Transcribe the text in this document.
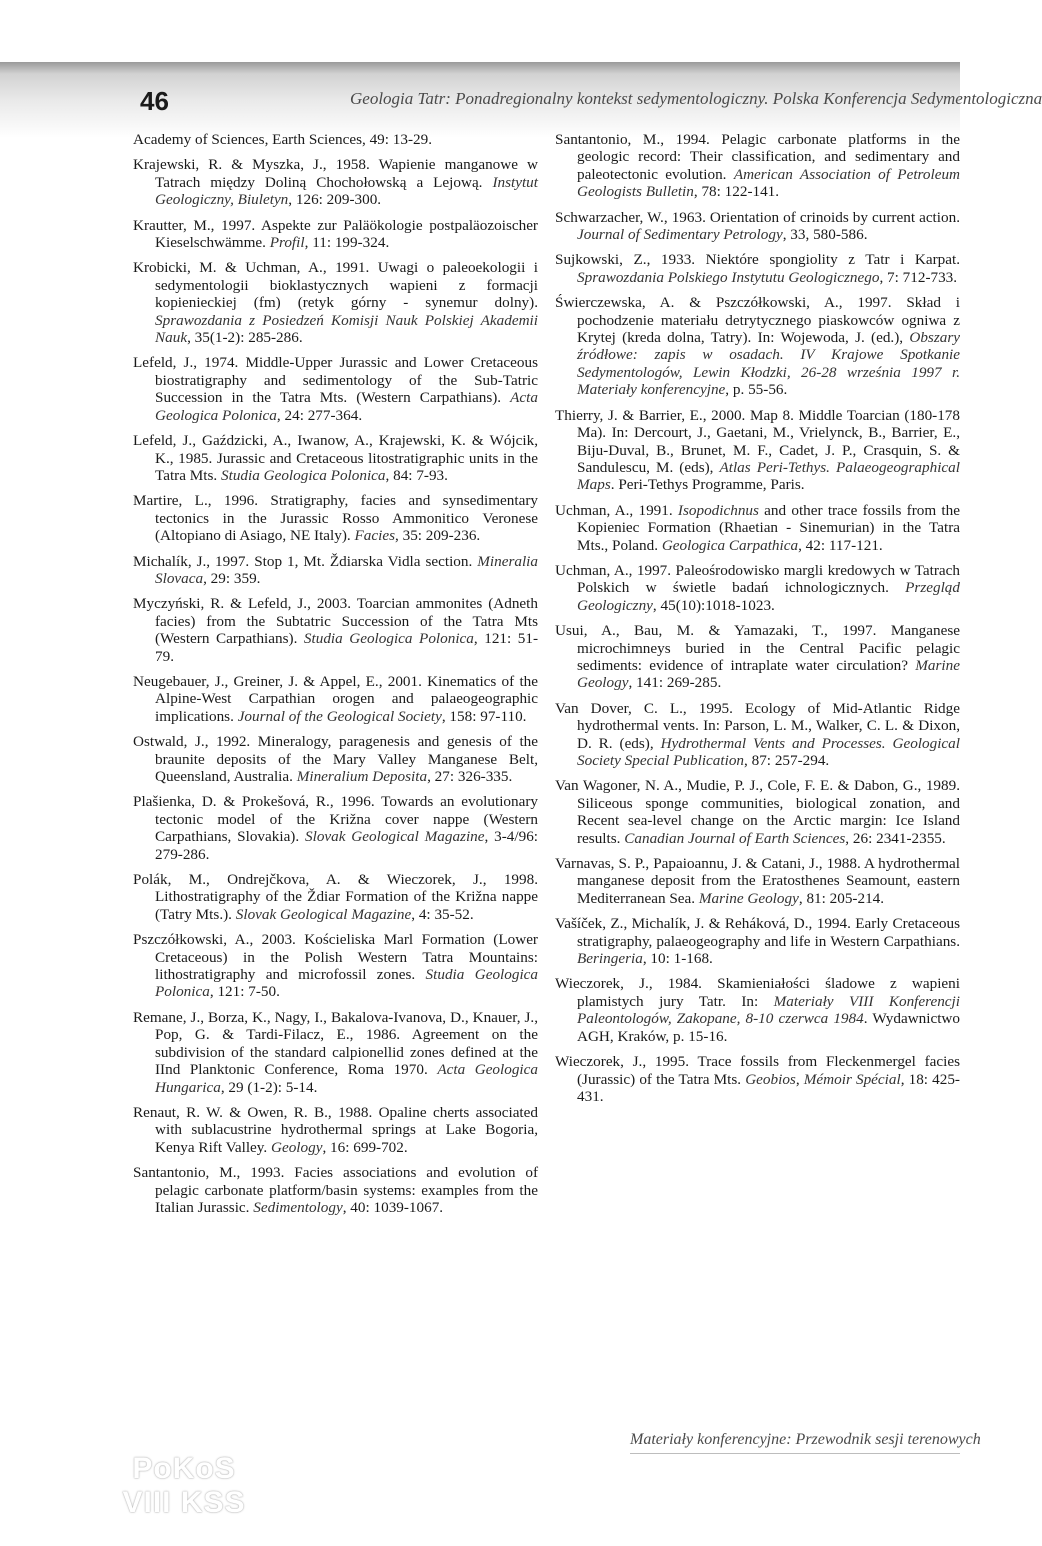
46	Geologia Tatr: Ponadregionalny kontekst sedymentologiczny. Polska Konferencja Sedymentologiczna

Academy of Sciences, Earth Sciences, 49: 13-29.

Krajewski, R. & Myszka, J., 1958. Wapienie manganowe w Tatrach między Doliną Chochołowską a Lejową. Instytut Geologiczny, Biuletyn, 126: 209-300.

Krautter, M., 1997. Aspekte zur Paläökologie postpaläozoischer Kieselschwämme. Profil, 11: 199-324.

Krobicki, M. & Uchman, A., 1991. Uwagi o paleoekologii i sedymentologii bioklastycznych wapieni z formacji kopienieckiej (fm) (retyk górny - synemur dolny). Sprawozdania z Posiedzeń Komisji Nauk Polskiej Akademii Nauk, 35(1-2): 285-286.

Lefeld, J., 1974. Middle-Upper Jurassic and Lower Cretaceous biostratigraphy and sedimentology of the Sub-Tatric Succession in the Tatra Mts. (Western Carpathians). Acta Geologica Polonica, 24: 277-364.

Lefeld, J., Gaździcki, A., Iwanow, A., Krajewski, K. & Wójcik, K., 1985. Jurassic and Cretaceous litostratigraphic units in the Tatra Mts. Studia Geologica Polonica, 84: 7-93.

Martire, L., 1996. Stratigraphy, facies and synsedimentary tectonics in the Jurassic Rosso Ammonitico Veronese (Altopiano di Asiago, NE Italy). Facies, 35: 209-236.

Michalík, J., 1997. Stop 1, Mt. Ždiarska Vidla section. Mineralia Slovaca, 29: 359.

Myczyński, R. & Lefeld, J., 2003. Toarcian ammonites (Adneth facies) from the Subtatric Succession of the Tatra Mts (Western Carpathians). Studia Geologica Polonica, 121: 51-79.

Neugebauer, J., Greiner, J. & Appel, E., 2001. Kinematics of the Alpine-West Carpathian orogen and palaeogeographic implications. Journal of the Geological Society, 158: 97-110.

Ostwald, J., 1992. Mineralogy, paragenesis and genesis of the braunite deposits of the Mary Valley Manganese Belt, Queensland, Australia. Mineralium Deposita, 27: 326-335.

Plašienka, D. & Prokešová, R., 1996. Towards an evolutionary tectonic model of the Križna cover nappe (Western Carpathians, Slovakia). Slovak Geological Magazine, 3-4/96: 279-286.

Polák, M., Ondrejčkova, A. & Wieczorek, J., 1998. Lithostratigraphy of the Ždiar Formation of the Križna nappe (Tatry Mts.). Slovak Geological Magazine, 4: 35-52.

Pszczółkowski, A., 2003. Kościeliska Marl Formation (Lower Cretaceous) in the Polish Western Tatra Mountains: lithostratigraphy and microfossil zones. Studia Geologica Polonica, 121: 7-50.

Remane, J., Borza, K., Nagy, I., Bakalova-Ivanova, D., Knauer, J., Pop, G. & Tardi-Filacz, E., 1986. Agreement on the subdivision of the standard calpionellid zones defined at the IInd Planktonic Conference, Roma 1970. Acta Geologica Hungarica, 29 (1-2): 5-14.

Renaut, R. W. & Owen, R. B., 1988. Opaline cherts associated with sublacustrine hydrothermal springs at Lake Bogoria, Kenya Rift Valley. Geology, 16: 699-702.

Santantonio, M., 1993. Facies associations and evolution of pelagic carbonate platform/basin systems: examples from the Italian Jurassic. Sedimentology, 40: 1039-1067.

Santantonio, M., 1994. Pelagic carbonate platforms in the geologic record: Their classification, and sedimentary and paleotectonic evolution. American Association of Petroleum Geologists Bulletin, 78: 122-141.

Schwarzacher, W., 1963. Orientation of crinoids by current action. Journal of Sedimentary Petrology, 33, 580-586.

Sujkowski, Z., 1933. Niektóre spongiolity z Tatr i Karpat. Sprawozdania Polskiego Instytutu Geologicznego, 7: 712-733.

Świerczewska, A. & Pszczółkowski, A., 1997. Skład i pochodzenie materiału detrytycznego piaskowców ogniwa z Krytej (kreda dolna, Tatry). In: Wojewoda, J. (ed.), Obszary źródłowe: zapis w osadach. IV Krajowe Spotkanie Sedymentologów, Lewin Kłodzki, 26-28 września 1997 r. Materiały konferencyjne, p. 55-56.

Thierry, J. & Barrier, E., 2000. Map 8. Middle Toarcian (180-178 Ma). In: Dercourt, J., Gaetani, M., Vrielynck, B., Barrier, E., Biju-Duval, B., Brunet, M. F., Cadet, J. P., Crasquin, S. & Sandulescu, M. (eds), Atlas Peri-Tethys. Palaeogeographical Maps. Peri-Tethys Programme, Paris.

Uchman, A., 1991. Isopodichnus and other trace fossils from the Kopieniec Formation (Rhaetian - Sinemurian) in the Tatra Mts., Poland. Geologica Carpathica, 42: 117-121.

Uchman, A., 1997. Paleośrodowisko margli kredowych w Tatrach Polskich w świetle badań ichnologicznych. Przegląd Geologiczny, 45(10):1018-1023.

Usui, A., Bau, M. & Yamazaki, T., 1997. Manganese microchimneys buried in the Central Pacific pelagic sediments: evidence of intraplate water circulation? Marine Geology, 141: 269-285.

Van Dover, C. L., 1995. Ecology of Mid-Atlantic Ridge hydrothermal vents. In: Parson, L. M., Walker, C. L. & Dixon, D. R. (eds), Hydrothermal Vents and Processes. Geological Society Special Publication, 87: 257-294.

Van Wagoner, N. A., Mudie, P. J., Cole, F. E. & Dabon, G., 1989. Siliceous sponge communities, biological zonation, and Recent sea-level change on the Arctic margin: Ice Island results. Canadian Journal of Earth Sciences, 26: 2341-2355.

Varnavas, S. P., Papaioannu, J. & Catani, J., 1988. A hydrothermal manganese deposit from the Eratosthenes Seamount, eastern Mediterranean Sea. Marine Geology, 81: 205-214.

Vašíček, Z., Michalík, J. & Reháková, D., 1994. Early Cretaceous stratigraphy, palaeogeography and life in Western Carpathians. Beringeria, 10: 1-168.

Wieczorek, J., 1984. Skamieniałości śladowe z wapieni plamistych jury Tatr. In: Materiały VIII Konferencji Paleontologów, Zakopane, 8-10 czerwca 1984. Wydawnictwo AGH, Kraków, p. 15-16.

Wieczorek, J., 1995. Trace fossils from Fleckenmergel facies (Jurassic) of the Tatra Mts. Geobios, Mémoir Spécial, 18: 425-431.

Materiały konferencyjne: Przewodnik sesji terenowych
PoKoS
VIII KSS
